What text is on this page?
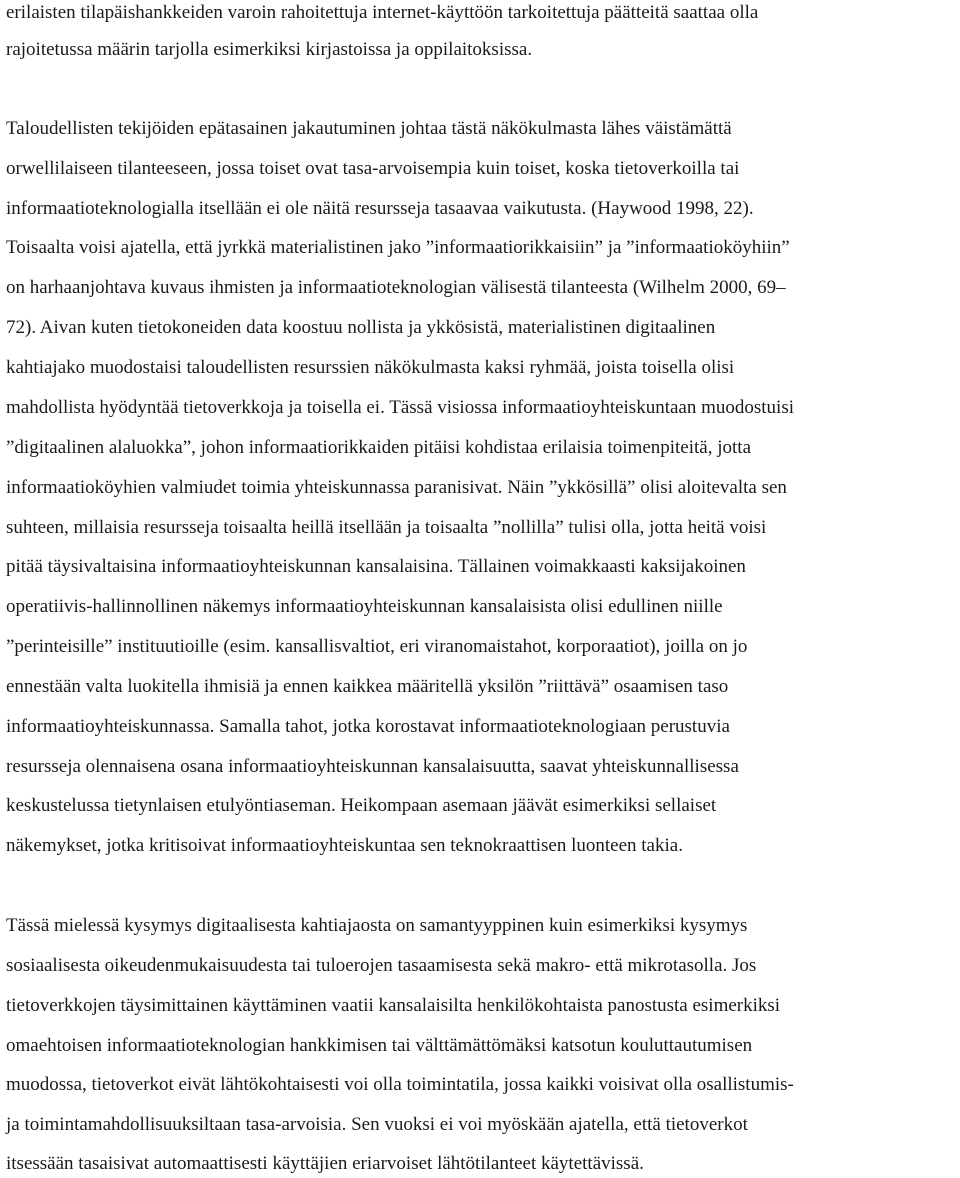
erilaisten tilapäishankkeiden varoin rahoitettuja internet-käyttöön tarkoitettuja päätteitä saattaa olla

rajoitetussa määrin tarjolla esimerkiksi kirjastoissa ja oppilaitoksissa.

Taloudellisten tekijöiden epätasainen jakautuminen johtaa tästä näkökulmasta lähes väistämättä

orwellilaiseen tilanteeseen, jossa toiset ovat tasa-arvoisempia kuin toiset, koska tietoverkoilla tai

informaatioteknologialla itsellään ei ole näitä resursseja tasaavaa vaikutusta. (Haywood 1998, 22).

Toisaalta voisi ajatella, että jyrkkä materialistinen jako ”informaatiorikkaisiin” ja ”informaatioköyhiin”

on harhaanjohtava kuvaus ihmisten ja informaatioteknologian välisestä tilanteesta (Wilhelm 2000, 69–

72). Aivan kuten tietokoneiden data koostuu nollista ja ykkösistä, materialistinen digitaalinen

kahtiajako muodostaisi taloudellisten resurssien näkökulmasta kaksi ryhmää, joista toisella olisi

mahdollista hyödyntää tietoverkkoja ja toisella ei. Tässä visiossa informaatioyhteiskuntaan muodostuisi

”digitaalinen alaluokka”, johon informaatiorikkaiden pitäisi kohdistaa erilaisia toimenpiteitä, jotta

informaatioköyhien valmiudet toimia yhteiskunnassa paranisivat. Näin ”ykkösillä” olisi aloitevalta sen

suhteen, millaisia resursseja toisaalta heillä itsellään ja toisaalta ”nollilla” tulisi olla, jotta heitä voisi

pitää täysivaltaisina informaatioyhteiskunnan kansalaisina. Tällainen voimakkaasti kaksijakoinen

operatiivis-hallinnollinen näkemys informaatioyhteiskunnan kansalaisista olisi edullinen niille

”perinteisille” instituutioille (esim. kansallisvaltiot, eri viranomaistahot, korporaatiot), joilla on jo

ennestään valta luokitella ihmisiä ja ennen kaikkea määritellä yksilön ”riittävä” osaamisen taso

informaatioyhteiskunnassa. Samalla tahot, jotka korostavat informaatioteknologiaan perustuvia

resursseja olennaisena osana informaatioyhteiskunnan kansalaisuutta, saavat yhteiskunnallisessa

keskustelussa tietynlaisen etulyöntiaseman. Heikompaan asemaan jäävät esimerkiksi sellaiset

näkemykset, jotka kritisoivat informaatioyhteiskuntaa sen teknokraattisen luonteen takia.

Tässä mielessä kysymys digitaalisesta kahtiajaosta on samantyyppinen kuin esimerkiksi kysymys

sosiaalisesta oikeudenmukaisuudesta tai tuloerojen tasaamisesta sekä makro- että mikrotasolla. Jos

tietoverkkojen täysimittainen käyttäminen vaatii kansalaisilta henkilökohtaista panostusta esimerkiksi

omaehtoisen informaatioteknologian hankkimisen tai välttämättömäksi katsotun kouluttautumisen

muodossa, tietoverkot eivät lähtökohtaisesti voi olla toimintatila, jossa kaikki voisivat olla osallistumis-

ja toimintamahdollisuuksiltaan tasa-arvoisia. Sen vuoksi ei voi myöskään ajatella, että tietoverkot

itsessään tasaisivat automaattisesti käyttäjien eriarvoiset lähtötilanteet käytettävissä.
